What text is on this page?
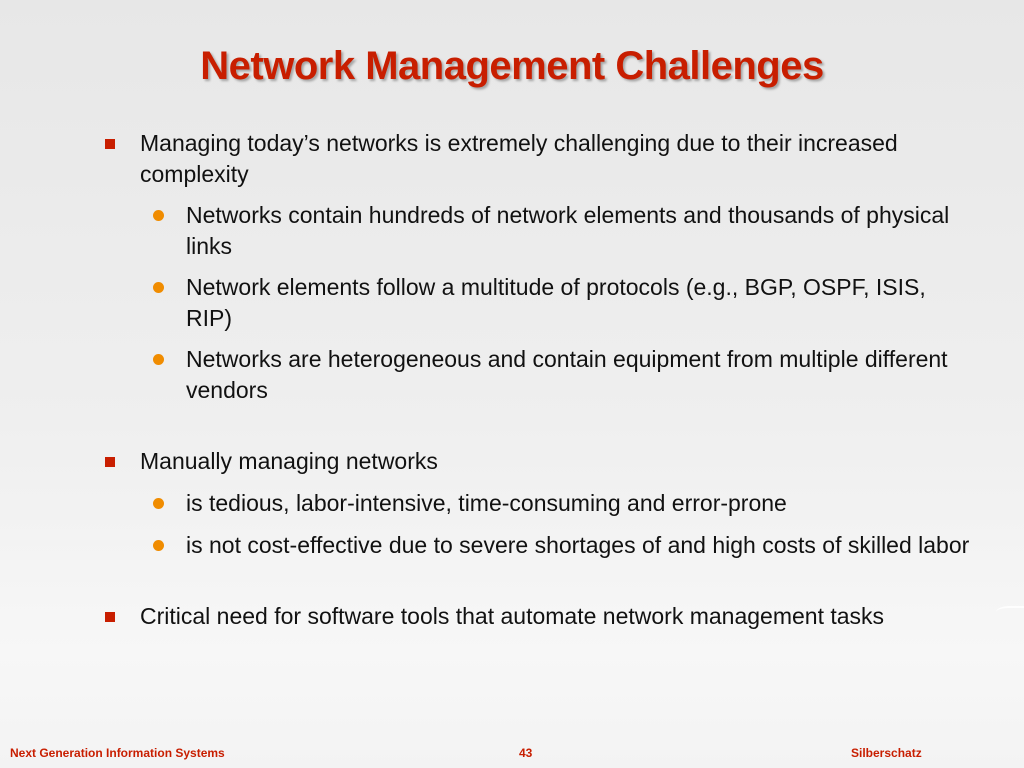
Network Management Challenges
Managing today’s networks is extremely challenging due to their increased complexity
Networks contain hundreds of network elements and thousands of physical links
Network elements follow a multitude of protocols (e.g., BGP, OSPF, ISIS, RIP)
Networks are heterogeneous and contain equipment from multiple different vendors
Manually managing networks
is tedious, labor-intensive, time-consuming and error-prone
is not cost-effective due to severe shortages of and high costs of skilled labor
Critical need for software tools that automate network management tasks
Next Generation Information Systems	43	Silberschatz
